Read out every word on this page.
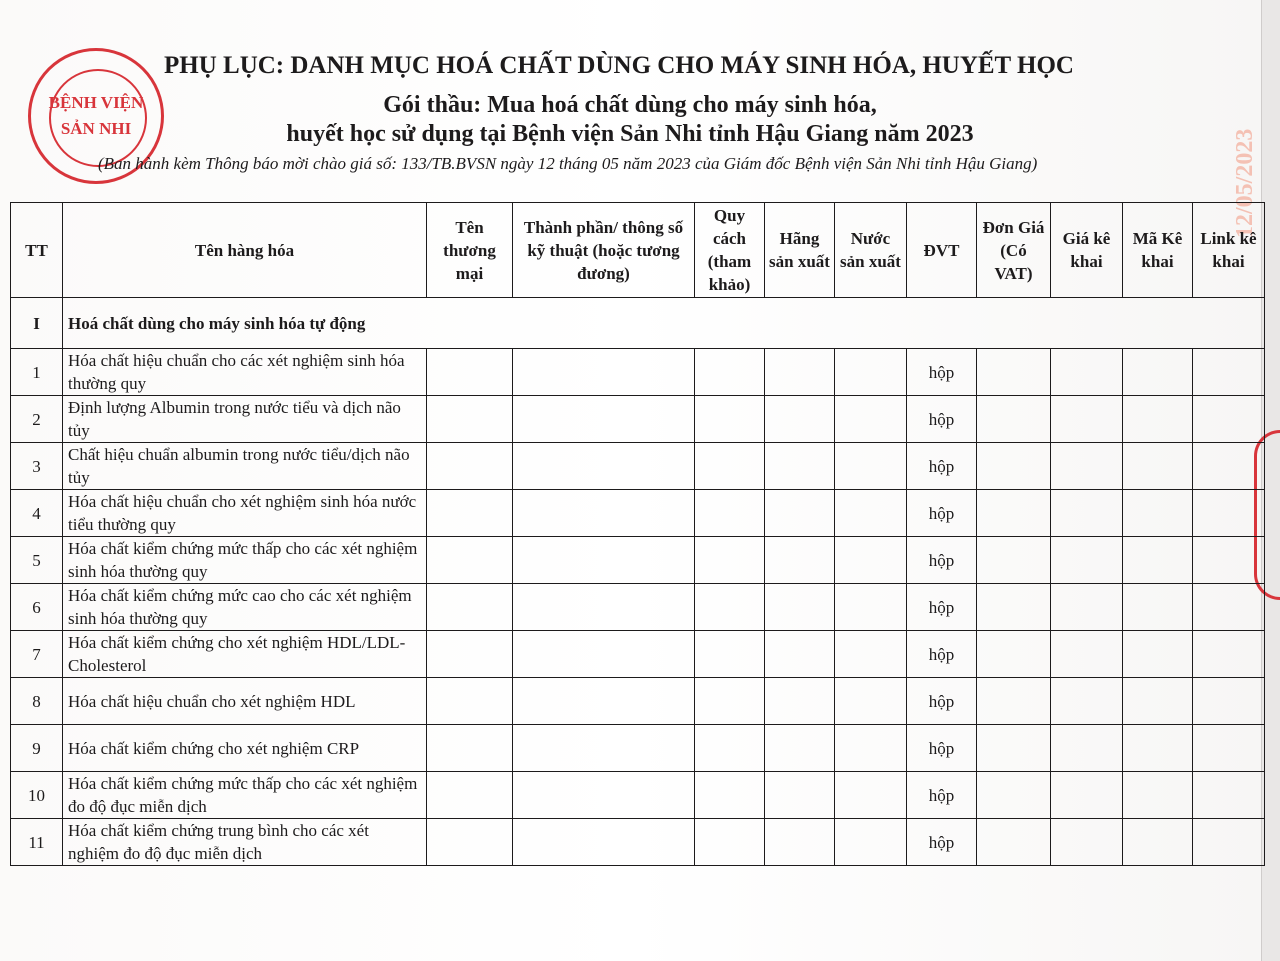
BỆNH VIỆN
SẢN NHI
PHỤ LỤC: DANH MỤC HOÁ CHẤT DÙNG CHO MÁY SINH HÓA, HUYẾT HỌC
Gói thầu: Mua hoá chất dùng cho máy sinh hóa,
huyết học sử dụng tại Bệnh viện Sản Nhi tỉnh Hậu Giang năm 2023
(Ban hành kèm Thông báo mời chào giá số: 133/TB.BVSN ngày 12 tháng 05 năm 2023 của Giám đốc Bệnh viện Sản Nhi tỉnh Hậu Giang)	12/05/2023
TT	Tên hàng hóa	Tên thương mại	Thành phần/ thông số kỹ thuật (hoặc tương đương)	Quy cách (tham khảo)	Hãng sản xuất	Nước sản xuất	ĐVT	Đơn Giá (Có VAT)	Giá kê khai	Mã Kê khai	Link kê khai
I	Hoá chất dùng cho máy sinh hóa tự động										
1	Hóa chất hiệu chuẩn cho các xét nghiệm sinh hóa thường quy						hộp				
2	Định lượng Albumin trong nước tiểu và dịch não tủy						hộp				
3	Chất hiệu chuẩn albumin trong nước tiểu/dịch não tủy						hộp				
4	Hóa chất hiệu chuẩn cho xét nghiệm sinh hóa nước tiểu thường quy						hộp				
5	Hóa chất kiểm chứng mức thấp cho các xét nghiệm sinh hóa thường quy						hộp				
6	Hóa chất kiểm chứng mức cao cho các xét nghiệm sinh hóa thường quy						hộp				
7	Hóa chất kiểm chứng cho xét nghiệm HDL/LDL-Cholesterol						hộp				
8	Hóa chất hiệu chuẩn cho xét nghiệm HDL						hộp				
9	Hóa chất kiểm chứng cho xét nghiệm CRP						hộp				
10	Hóa chất kiểm chứng mức thấp cho các xét nghiệm đo độ đục miễn dịch						hộp				
11	Hóa chất kiểm chứng trung bình cho các xét nghiệm đo độ đục miễn dịch						hộp				
